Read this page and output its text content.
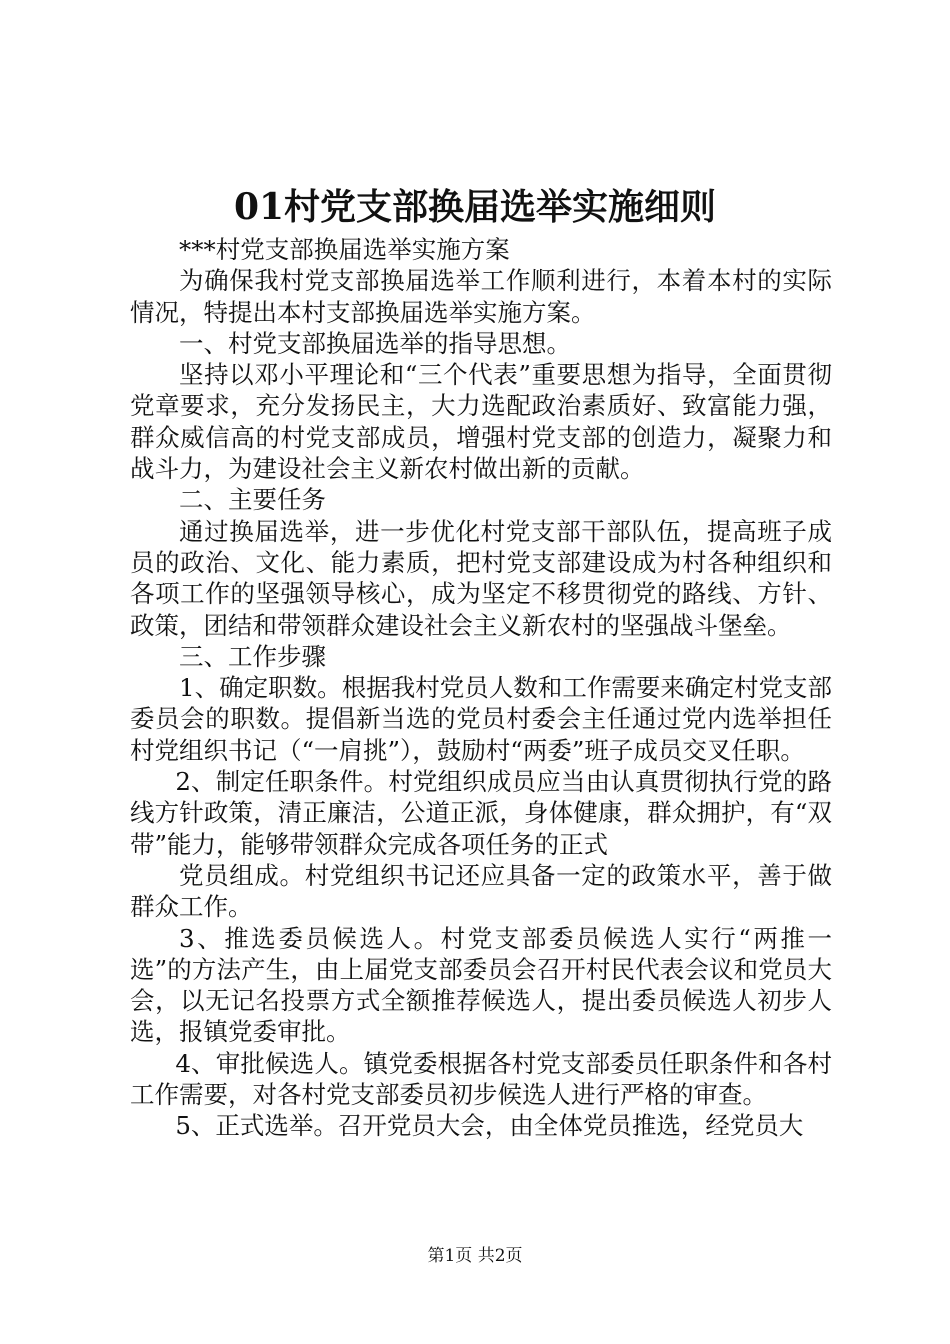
01村党支部换届选举实施细则

***村党支部换届选举实施方案

为确保我村党支部换届选举工作顺利进行，本着本村的实际情况，特提出本村支部换届选举实施方案。

一、村党支部换届选举的指导思想。

坚持以邓小平理论和“三个代表”重要思想为指导，全面贯彻党章要求，充分发扬民主，大力选配政治素质好、致富能力强，群众威信高的村党支部成员，增强村党支部的创造力，凝聚力和战斗力，为建设社会主义新农村做出新的贡献。

二、主要任务

通过换届选举，进一步优化村党支部干部队伍，提高班子成员的政治、文化、能力素质，把村党支部建设成为村各种组织和各项工作的坚强领导核心，成为坚定不移贯彻党的路线、方针、政策，团结和带领群众建设社会主义新农村的坚强战斗堡垒。

三、工作步骤

1、确定职数。根据我村党员人数和工作需要来确定村党支部委员会的职数。提倡新当选的党员村委会主任通过党内选举担任村党组织书记（“一肩挑”），鼓励村“两委”班子成员交叉任职。

2、制定任职条件。村党组织成员应当由认真贯彻执行党的路线方针政策，清正廉洁，公道正派，身体健康，群众拥护，有“双带”能力，能够带领群众完成各项任务的正式

党员组成。村党组织书记还应具备一定的政策水平，善于做群众工作。

3、推选委员候选人。村党支部委员候选人实行“两推一选”的方法产生，由上届党支部委员会召开村民代表会议和党员大会，以无记名投票方式全额推荐候选人，提出委员候选人初步人选，报镇党委审批。

4、审批候选人。镇党委根据各村党支部委员任职条件和各村工作需要，对各村党支部委员初步候选人进行严格的审查。

5、正式选举。召开党员大会，由全体党员推选，经党员大

第1页 共2页
